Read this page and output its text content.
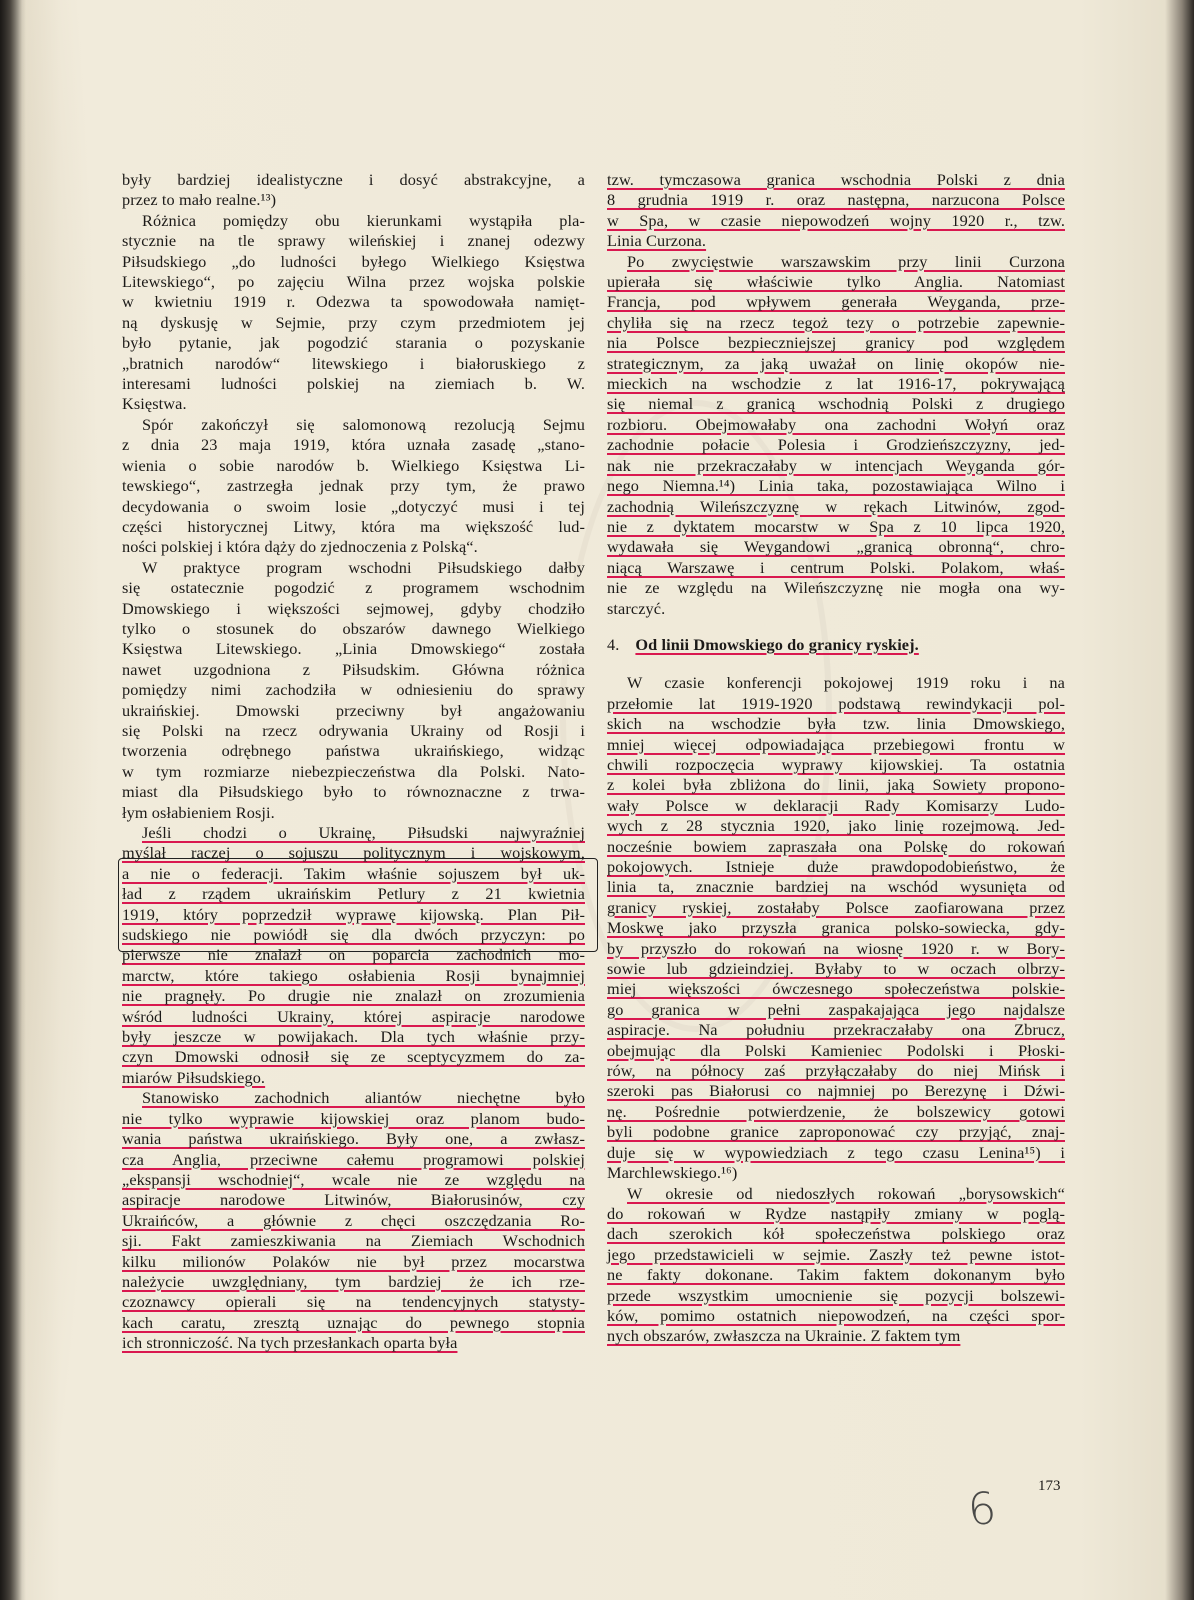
były bardziej idealistyczne i dosyć abstrakcyjne, a
przez to mało realne.¹³)
Różnica pomiędzy obu kierunkami wystąpiła pla-
stycznie na tle sprawy wileńskiej i znanej odezwy
Piłsudskiego „do ludności byłego Wielkiego Księstwa
Litewskiego“, po zajęciu Wilna przez wojska polskie
w kwietniu 1919 r. Odezwa ta spowodowała namięt-
ną dyskusję w Sejmie, przy czym przedmiotem jej
było pytanie, jak pogodzić starania o pozyskanie
„bratnich narodów“ litewskiego i białoruskiego z
interesami ludności polskiej na ziemiach b. W.
Księstwa.
Spór zakończył się salomonową rezolucją Sejmu
z dnia 23 maja 1919, która uznała zasadę „stano-
wienia o sobie narodów b. Wielkiego Księstwa Li-
tewskiego“, zastrzegła jednak przy tym, że prawo
decydowania o swoim losie „dotyczyć musi i tej
części historycznej Litwy, która ma większość lud-
ności polskiej i która dąży do zjednoczenia z Polską“.
W praktyce program wschodni Piłsudskiego dałby
się ostatecznie pogodzić z programem wschodnim
Dmowskiego i większości sejmowej, gdyby chodziło
tylko o stosunek do obszarów dawnego Wielkiego
Księstwa Litewskiego. „Linia Dmowskiego“ została
nawet uzgodniona z Piłsudskim. Główna różnica
pomiędzy nimi zachodziła w odniesieniu do sprawy
ukraińskiej. Dmowski przeciwny był angażowaniu
się Polski na rzecz odrywania Ukrainy od Rosji i
tworzenia odrębnego państwa ukraińskiego, widząc
w tym rozmiarze niebezpieczeństwa dla Polski. Nato-
miast dla Piłsudskiego było to równoznaczne z trwa-
łym osłabieniem Rosji.
Jeśli chodzi o Ukrainę, Piłsudski najwyraźniej
myślał raczej o sojuszu politycznym i wojskowym,
a nie o federacji. Takim właśnie sojuszem był uk-
ład z rządem ukraińskim Petlury z 21 kwietnia
1919, który poprzedził wyprawę kijowską. Plan Pił-
sudskiego nie powiódł się dla dwóch przyczyn: po
pierwsze nie znalazł on poparcia zachodnich mo-
marctw, które takiego osłabienia Rosji bynajmniej
nie pragnęły. Po drugie nie znalazł on zrozumienia
wśród ludności Ukrainy, której aspiracje narodowe
były jeszcze w powijakach. Dla tych właśnie przy-
czyn Dmowski odnosił się ze sceptycyzmem do za-
miarów Piłsudskiego.
Stanowisko zachodnich aliantów niechętne było
nie tylko wyprawie kijowskiej oraz planom budo-
wania państwa ukraińskiego. Były one, a zwłasz-
cza Anglia, przeciwne całemu programowi polskiej
„ekspansji wschodniej“, wcale nie ze względu na
aspiracje narodowe Litwinów, Białorusinów, czy
Ukraińców, a głównie z chęci oszczędzania Ro-
sji. Fakt zamieszkiwania na Ziemiach Wschodnich
kilku milionów Polaków nie był przez mocarstwa
należycie uwzględniany, tym bardziej że ich rze-
czoznawcy opierali się na tendencyjnych statysty-
kach caratu, zresztą uznając do pewnego stopnia
ich stronniczość. Na tych przesłankach oparta była
tzw. tymczasowa granica wschodnia Polski z dnia
8 grudnia 1919 r. oraz następna, narzucona Polsce
w Spa, w czasie niepowodzeń wojny 1920 r., tzw.
Linia Curzona.
Po zwycięstwie warszawskim przy linii Curzona
upierała się właściwie tylko Anglia. Natomiast
Francja, pod wpływem generała Weyganda, prze-
chyliła się na rzecz tegoż tezy o potrzebie zapewnie-
nia Polsce bezpieczniejszej granicy pod względem
strategicznym, za jaką uważał on linię okopów nie-
mieckich na wschodzie z lat 1916-17, pokrywającą
się niemal z granicą wschodnią Polski z drugiego
rozbioru. Obejmowałaby ona zachodni Wołyń oraz
zachodnie połacie Polesia i Grodzieńszczyzny, jed-
nak nie przekraczałaby w intencjach Weyganda gór-
nego Niemna.¹⁴) Linia taka, pozostawiająca Wilno i
zachodnią Wileńszczyznę w rękach Litwinów, zgod-
nie z dyktatem mocarstw w Spa z 10 lipca 1920,
wydawała się Weygandowi „granicą obronną“, chro-
niącą Warszawę i centrum Polski. Polakom, właś-
nie ze względu na Wileńszczyznę nie mogła ona wy-
starczyć.
4. Od linii Dmowskiego do granicy ryskiej.
W czasie konferencji pokojowej 1919 roku i na
przełomie lat 1919-1920 podstawą rewindykacji pol-
skich na wschodzie była tzw. linia Dmowskiego,
mniej więcej odpowiadająca przebiegowi frontu w
chwili rozpoczęcia wyprawy kijowskiej. Ta ostatnia
z kolei była zbliżona do linii, jaką Sowiety propono-
wały Polsce w deklaracji Rady Komisarzy Ludo-
wych z 28 stycznia 1920, jako linię rozejmową. Jed-
nocześnie bowiem zapraszała ona Polskę do rokowań
pokojowych. Istnieje duże prawdopodobieństwo, że
linia ta, znacznie bardziej na wschód wysunięta od
granicy ryskiej, zostałaby Polsce zaofiarowana przez
Moskwę jako przyszła granica polsko-sowiecka, gdy-
by przyszło do rokowań na wiosnę 1920 r. w Bory-
sowie lub gdzieindziej. Byłaby to w oczach olbrzy-
miej większości ówczesnego społeczeństwa polskie-
go granica w pełni zaspakajająca jego najdalsze
aspiracje. Na południu przekraczałaby ona Zbrucz,
obejmując dla Polski Kamieniec Podolski i Płoski-
rów, na północy zaś przyłączałaby do niej Mińsk i
szeroki pas Białorusi co najmniej po Berezynę i Dźwi-
nę. Pośrednie potwierdzenie, że bolszewicy gotowi
byli podobne granice zaproponować czy przyjąć, znaj-
duje się w wypowiedziach z tego czasu Lenina¹⁵) i
Marchlewskiego.¹⁶)
W okresie od niedoszłych rokowań „borysowskich“
do rokowań w Rydze nastąpiły zmiany w poglą-
dach szerokich kół społeczeństwa polskiego oraz
jego przedstawicieli w sejmie. Zaszły też pewne istot-
ne fakty dokonane. Takim faktem dokonanym było
przede wszystkim umocnienie się pozycji bolszewi-
ków, pomimo ostatnich niepowodzeń, na części spor-
nych obszarów, zwłaszcza na Ukrainie. Z faktem tym
173
6
